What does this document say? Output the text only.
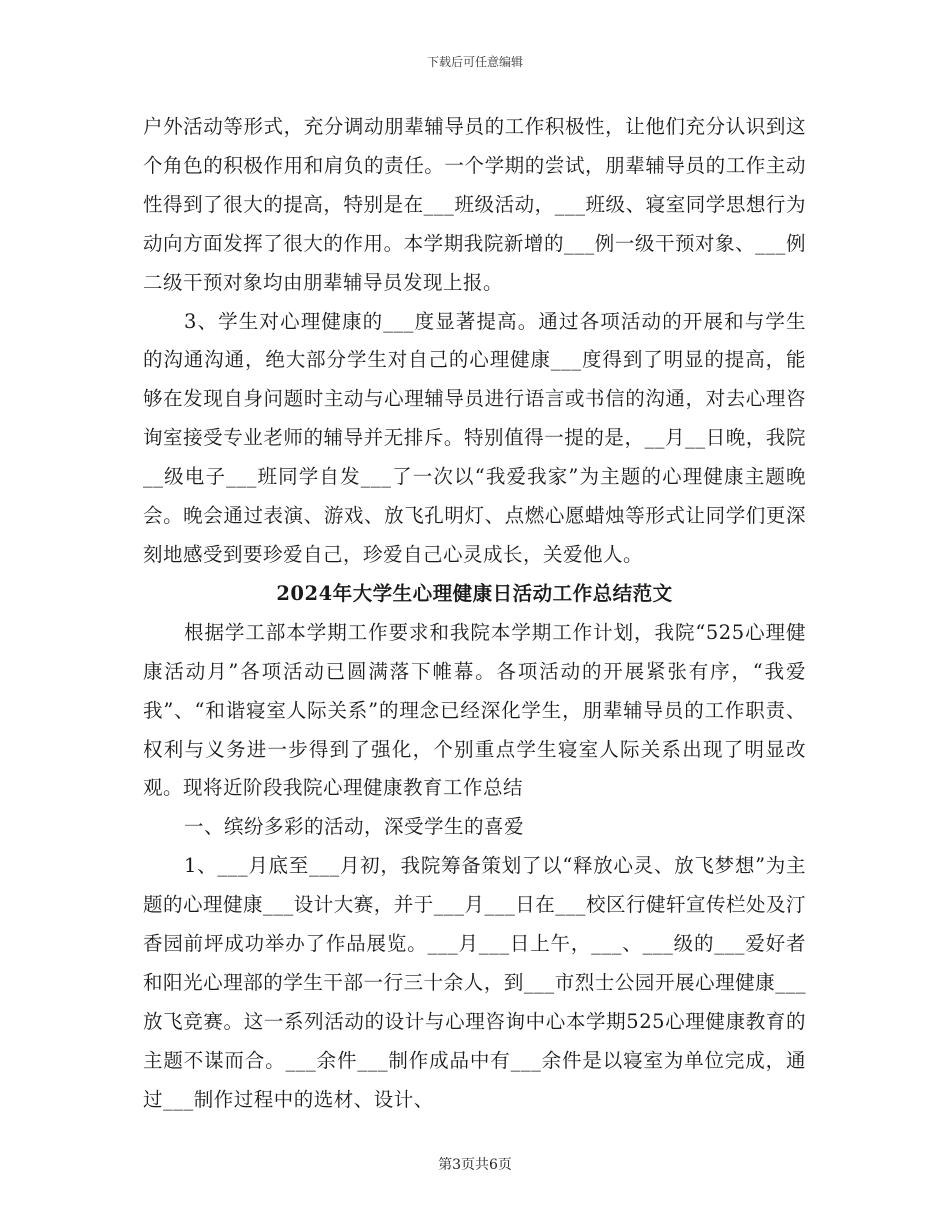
下载后可任意编辑

户外活动等形式，充分调动朋辈辅导员的工作积极性，让他们充分认识到这个角色的积极作用和肩负的责任。一个学期的尝试，朋辈辅导员的工作主动性得到了很大的提高，特别是在___班级活动，___班级、寝室同学思想行为动向方面发挥了很大的作用。本学期我院新增的___例一级干预对象、___例二级干预对象均由朋辈辅导员发现上报。

3、学生对心理健康的___度显著提高。通过各项活动的开展和与学生的沟通沟通，绝大部分学生对自己的心理健康___度得到了明显的提高，能够在发现自身问题时主动与心理辅导员进行语言或书信的沟通，对去心理咨询室接受专业老师的辅导并无排斥。特别值得一提的是，__月__日晚，我院__级电子___班同学自发___了一次以“我爱我家”为主题的心理健康主题晚会。晚会通过表演、游戏、放飞孔明灯、点燃心愿蜡烛等形式让同学们更深刻地感受到要珍爱自己，珍爱自己心灵成长，关爱他人。

2024年大学生心理健康日活动工作总结范文

根据学工部本学期工作要求和我院本学期工作计划，我院“525心理健康活动月”各项活动已圆满落下帷幕。各项活动的开展紧张有序，“我爱我”、“和谐寝室人际关系”的理念已经深化学生，朋辈辅导员的工作职责、权利与义务进一步得到了强化，个别重点学生寝室人际关系出现了明显改观。现将近阶段我院心理健康教育工作总结

一、缤纷多彩的活动，深受学生的喜爱

1、___月底至___月初，我院筹备策划了以“释放心灵、放飞梦想”为主题的心理健康___设计大赛，并于___月___日在___校区行健轩宣传栏处及汀香园前坪成功举办了作品展览。___月___日上午，___、___级的___爱好者和阳光心理部的学生干部一行三十余人，到___市烈士公园开展心理健康___放飞竞赛。这一系列活动的设计与心理咨询中心本学期525心理健康教育的主题不谋而合。___余件___制作成品中有___余件是以寝室为单位完成，通过___制作过程中的选材、设计、

第3页共6页
